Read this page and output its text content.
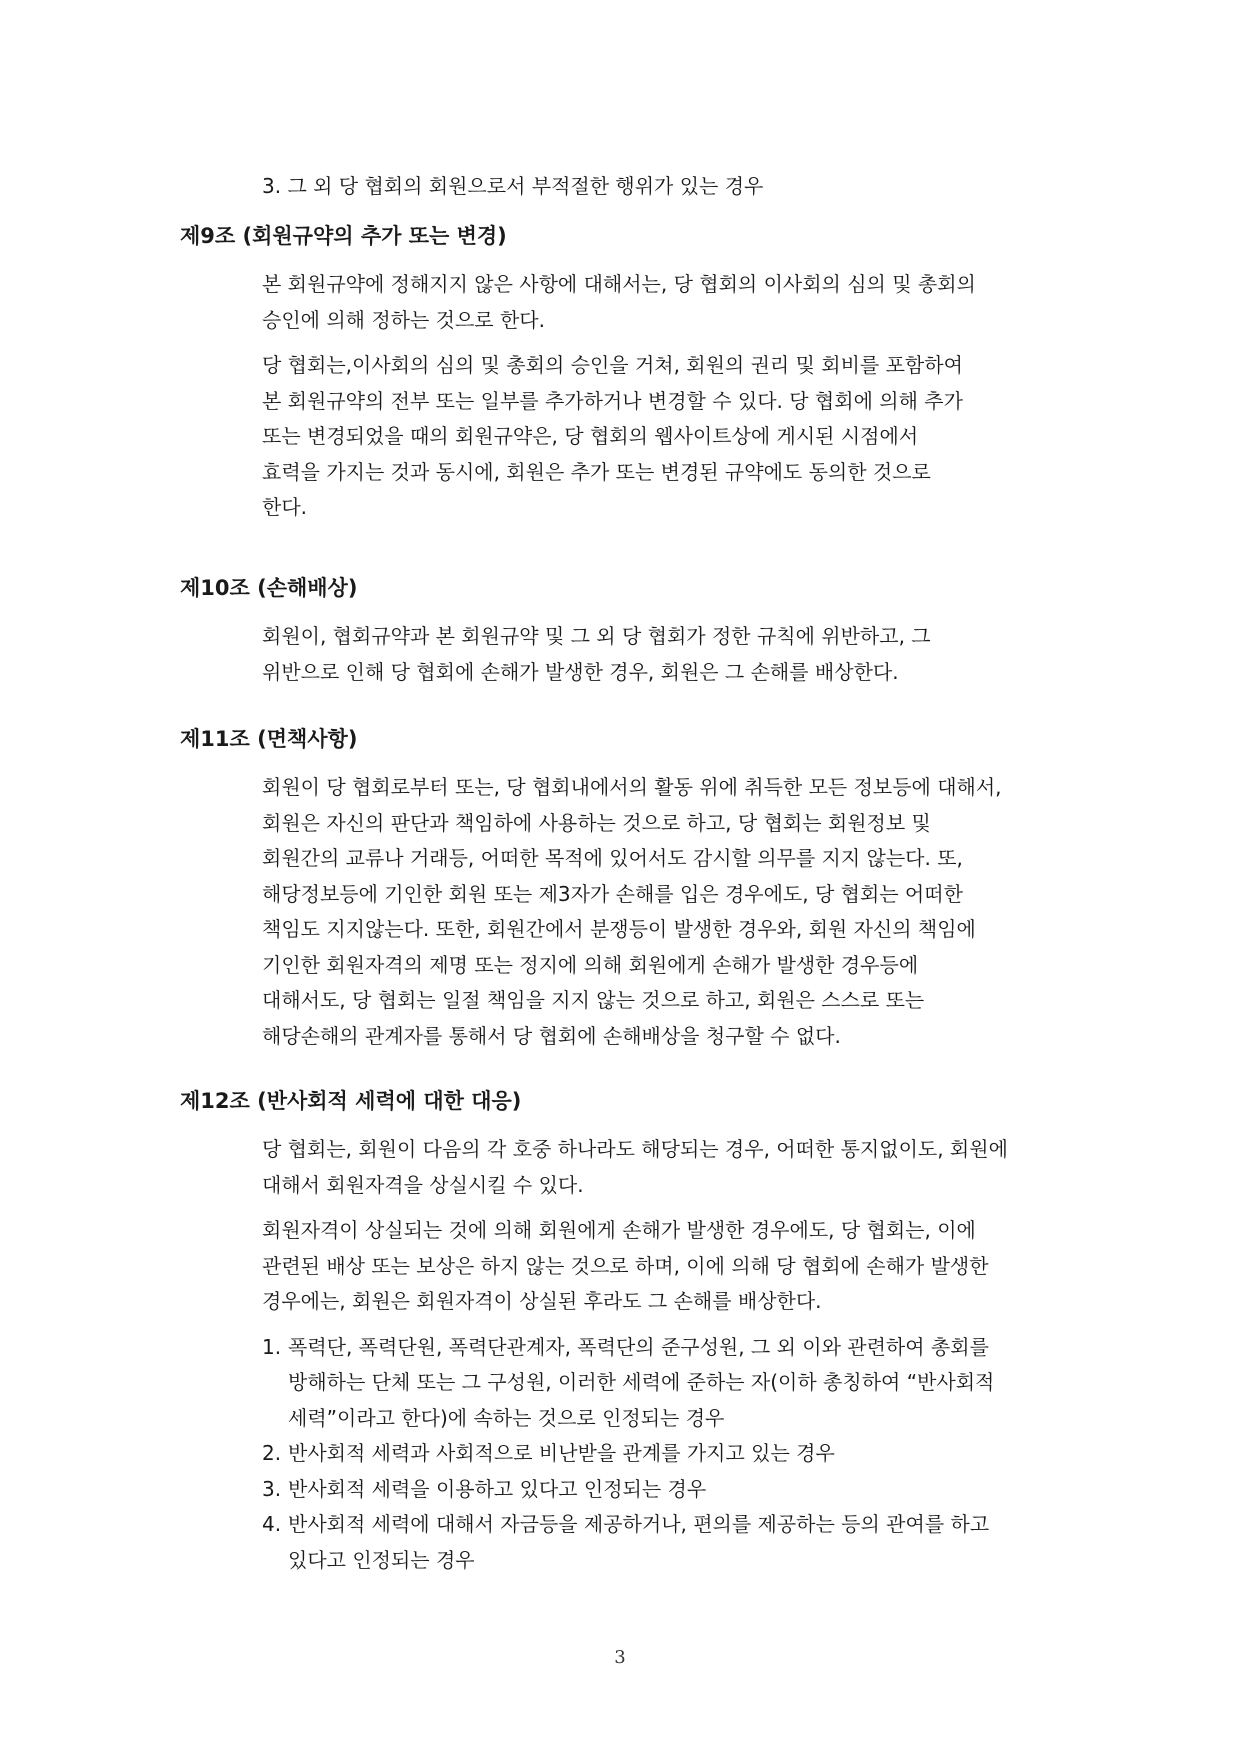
3. 그 외 당 협회의 회원으로서 부적절한 행위가 있는 경우
제9조 (회원규약의 추가 또는 변경)
본 회원규약에 정해지지 않은 사항에 대해서는, 당 협회의 이사회의 심의 및 총회의
승인에 의해 정하는 것으로 한다.
당 협회는,이사회의 심의 및 총회의 승인을 거쳐, 회원의 권리 및 회비를 포함하여
본 회원규약의 전부 또는 일부를 추가하거나 변경할 수 있다. 당 협회에 의해 추가
또는 변경되었을 때의 회원규약은, 당 협회의 웹사이트상에 게시된 시점에서
효력을 가지는 것과 동시에, 회원은 추가 또는 변경된 규약에도 동의한 것으로
한다.
제10조 (손해배상)
회원이, 협회규약과 본 회원규약 및 그 외 당 협회가 정한 규칙에 위반하고, 그
위반으로 인해 당 협회에 손해가 발생한 경우, 회원은 그 손해를 배상한다.
제11조 (면책사항)
회원이 당 협회로부터 또는, 당 협회내에서의 활동 위에 취득한 모든 정보등에 대해서,
회원은 자신의 판단과 책임하에 사용하는 것으로 하고, 당 협회는 회원정보 및
회원간의 교류나 거래등, 어떠한 목적에 있어서도 감시할 의무를 지지 않는다. 또,
해당정보등에 기인한 회원 또는 제3자가 손해를 입은 경우에도, 당 협회는 어떠한
책임도 지지않는다. 또한, 회원간에서 분쟁등이 발생한 경우와, 회원 자신의 책임에
기인한 회원자격의 제명 또는 정지에 의해 회원에게 손해가 발생한 경우등에
대해서도, 당 협회는 일절 책임을 지지 않는 것으로 하고, 회원은 스스로 또는
해당손해의 관계자를 통해서 당 협회에 손해배상을 청구할 수 없다.
제12조 (반사회적 세력에 대한 대응)
당 협회는, 회원이 다음의 각 호중 하나라도 해당되는 경우, 어떠한 통지없이도, 회원에
대해서 회원자격을 상실시킬 수 있다.
회원자격이 상실되는 것에 의해 회원에게 손해가 발생한 경우에도, 당 협회는, 이에
관련된 배상 또는 보상은 하지 않는 것으로 하며, 이에 의해 당 협회에 손해가 발생한
경우에는, 회원은 회원자격이 상실된 후라도 그 손해를 배상한다.
1. 폭력단, 폭력단원, 폭력단관계자, 폭력단의 준구성원, 그 외 이와 관련하여 총회를
방해하는 단체 또는 그 구성원, 이러한 세력에 준하는 자(이하 총칭하여 “반사회적
세력”이라고 한다)에 속하는 것으로 인정되는 경우
2. 반사회적 세력과 사회적으로 비난받을 관계를 가지고 있는 경우
3. 반사회적 세력을 이용하고 있다고 인정되는 경우
4. 반사회적 세력에 대해서 자금등을 제공하거나, 편의를 제공하는 등의 관여를 하고
있다고 인정되는 경우
3
